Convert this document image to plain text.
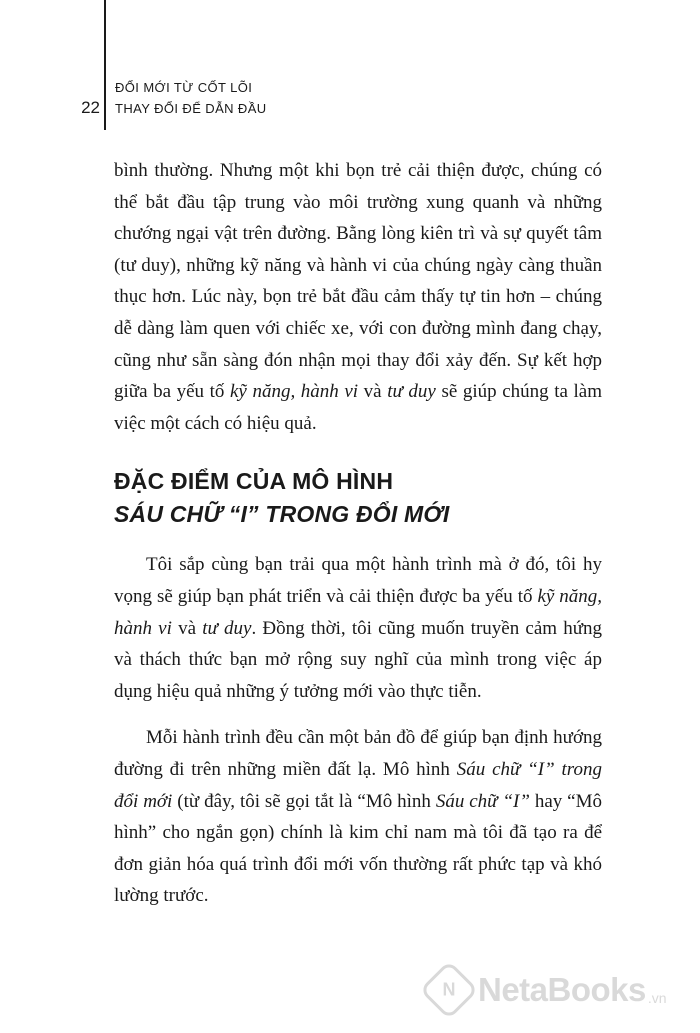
22
ĐỔI MỚI TỪ CỐT LÕI
THAY ĐỔI ĐỂ DẪN ĐẦU

bình thường. Nhưng một khi bọn trẻ cải thiện được, chúng có thể bắt đầu tập trung vào môi trường xung quanh và những chướng ngại vật trên đường. Bằng lòng kiên trì và sự quyết tâm (tư duy), những kỹ năng và hành vi của chúng ngày càng thuần thục hơn. Lúc này, bọn trẻ bắt đầu cảm thấy tự tin hơn – chúng dễ dàng làm quen với chiếc xe, với con đường mình đang chạy, cũng như sẵn sàng đón nhận mọi thay đổi xảy đến. Sự kết hợp giữa ba yếu tố kỹ năng, hành vi và tư duy sẽ giúp chúng ta làm việc một cách có hiệu quả.

ĐẶC ĐIỂM CỦA MÔ HÌNH
SÁU CHỮ “I” TRONG ĐỔI MỚI

Tôi sắp cùng bạn trải qua một hành trình mà ở đó, tôi hy vọng sẽ giúp bạn phát triển và cải thiện được ba yếu tố kỹ năng, hành vi và tư duy. Đồng thời, tôi cũng muốn truyền cảm hứng và thách thức bạn mở rộng suy nghĩ của mình trong việc áp dụng hiệu quả những ý tưởng mới vào thực tiễn.

Mỗi hành trình đều cần một bản đồ để giúp bạn định hướng đường đi trên những miền đất lạ. Mô hình Sáu chữ “I” trong đổi mới (từ đây, tôi sẽ gọi tắt là “Mô hình Sáu chữ “I” hay “Mô hình” cho ngắn gọn) chính là kim chỉ nam mà tôi đã tạo ra để đơn giản hóa quá trình đổi mới vốn thường rất phức tạp và khó lường trước.

N NetaBooks .vn
